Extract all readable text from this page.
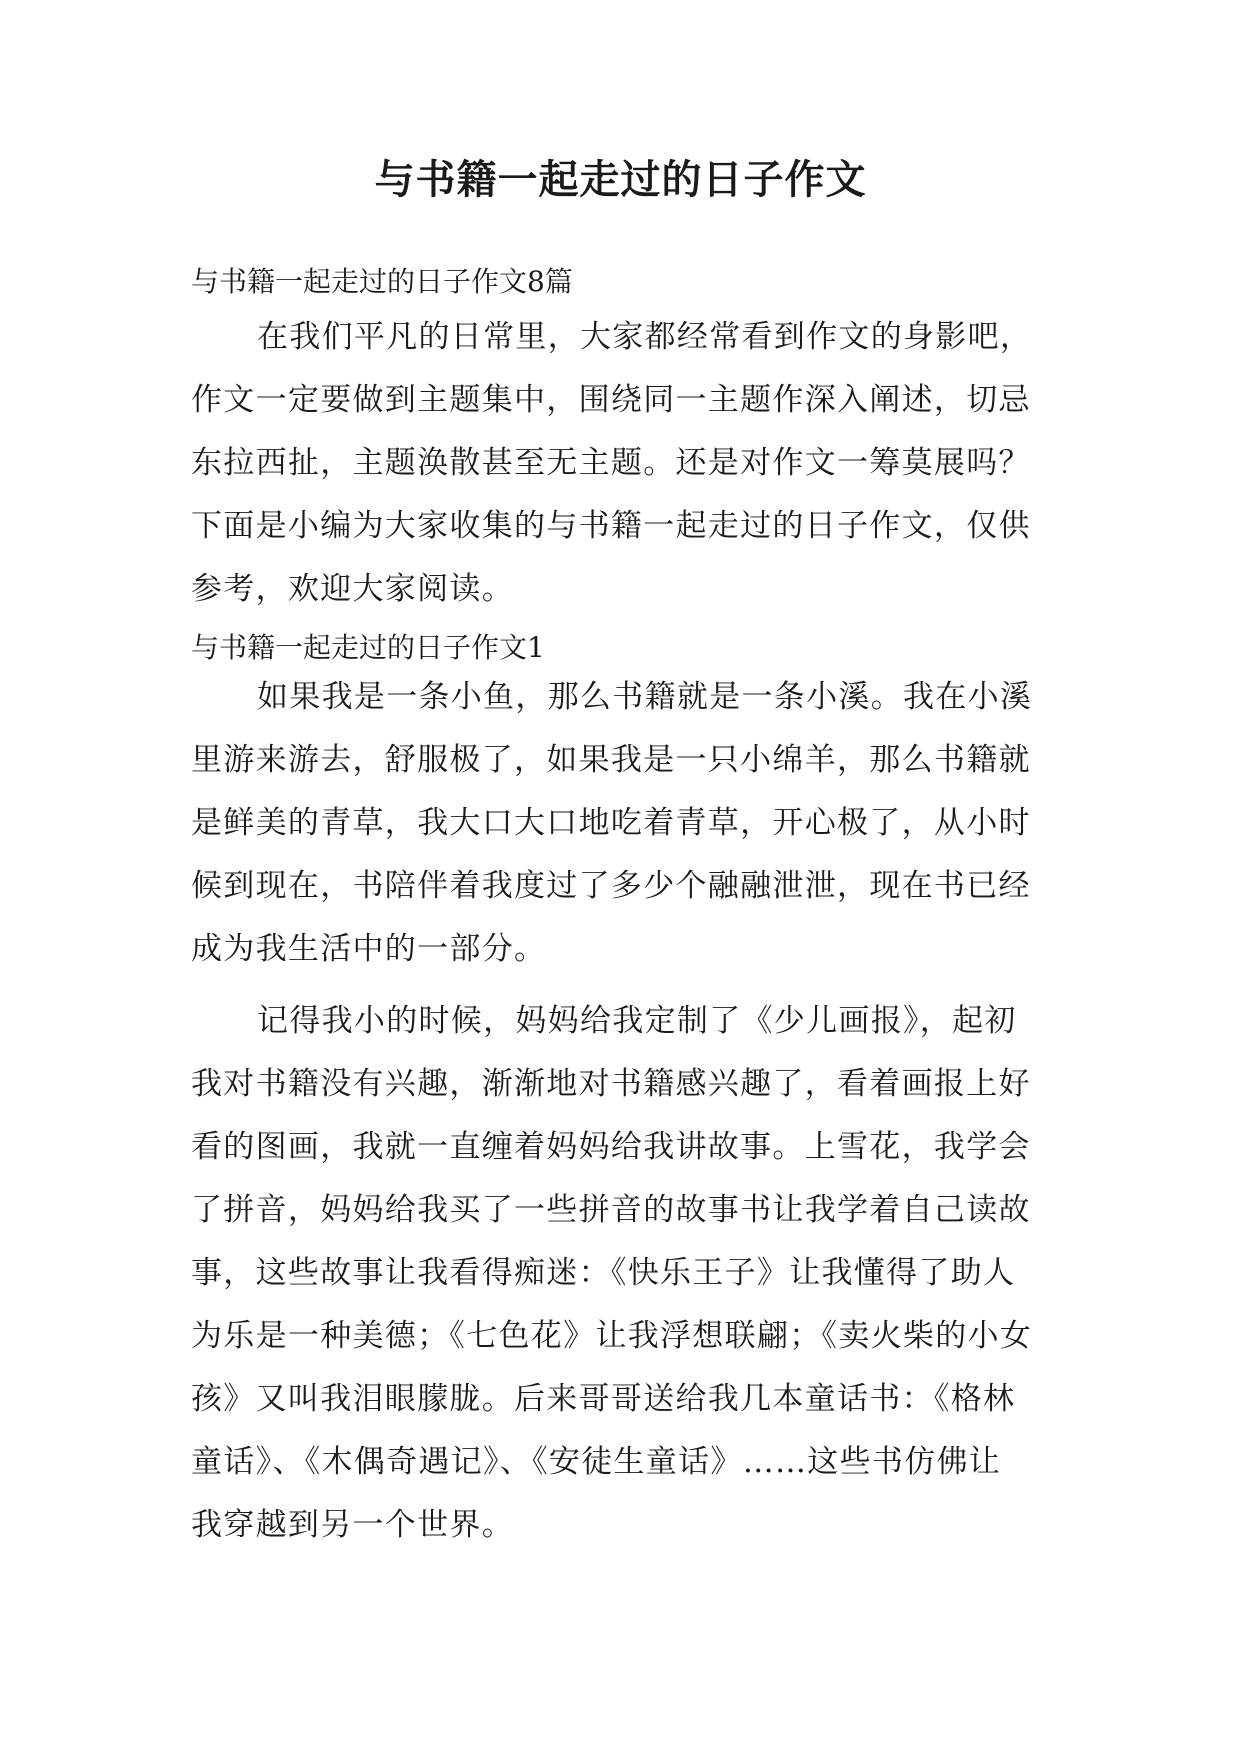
与书籍一起走过的日子作文

与书籍一起走过的日子作文8篇

在我们平凡的日常里，大家都经常看到作文的身影吧，
作文一定要做到主题集中，围绕同一主题作深入阐述，切忌
东拉西扯，主题涣散甚至无主题。还是对作文一筹莫展吗？
下面是小编为大家收集的与书籍一起走过的日子作文，仅供
参考，欢迎大家阅读。

与书籍一起走过的日子作文1

如果我是一条小鱼，那么书籍就是一条小溪。我在小溪
里游来游去，舒服极了，如果我是一只小绵羊，那么书籍就
是鲜美的青草，我大口大口地吃着青草，开心极了，从小时
候到现在，书陪伴着我度过了多少个融融泄泄，现在书已经
成为我生活中的一部分。
记得我小的时候，妈妈给我定制了《少儿画报》，起初
我对书籍没有兴趣，渐渐地对书籍感兴趣了，看着画报上好
看的图画，我就一直缠着妈妈给我讲故事。上雪花，我学会
了拼音，妈妈给我买了一些拼音的故事书让我学着自己读故
事，这些故事让我看得痴迷：《快乐王子》让我懂得了助人
为乐是一种美德；《七色花》让我浮想联翩；《卖火柴的小女
孩》又叫我泪眼朦胧。后来哥哥送给我几本童话书：《格林
童话》、《木偶奇遇记》、《安徒生童话》……这些书仿佛让
我穿越到另一个世界。
